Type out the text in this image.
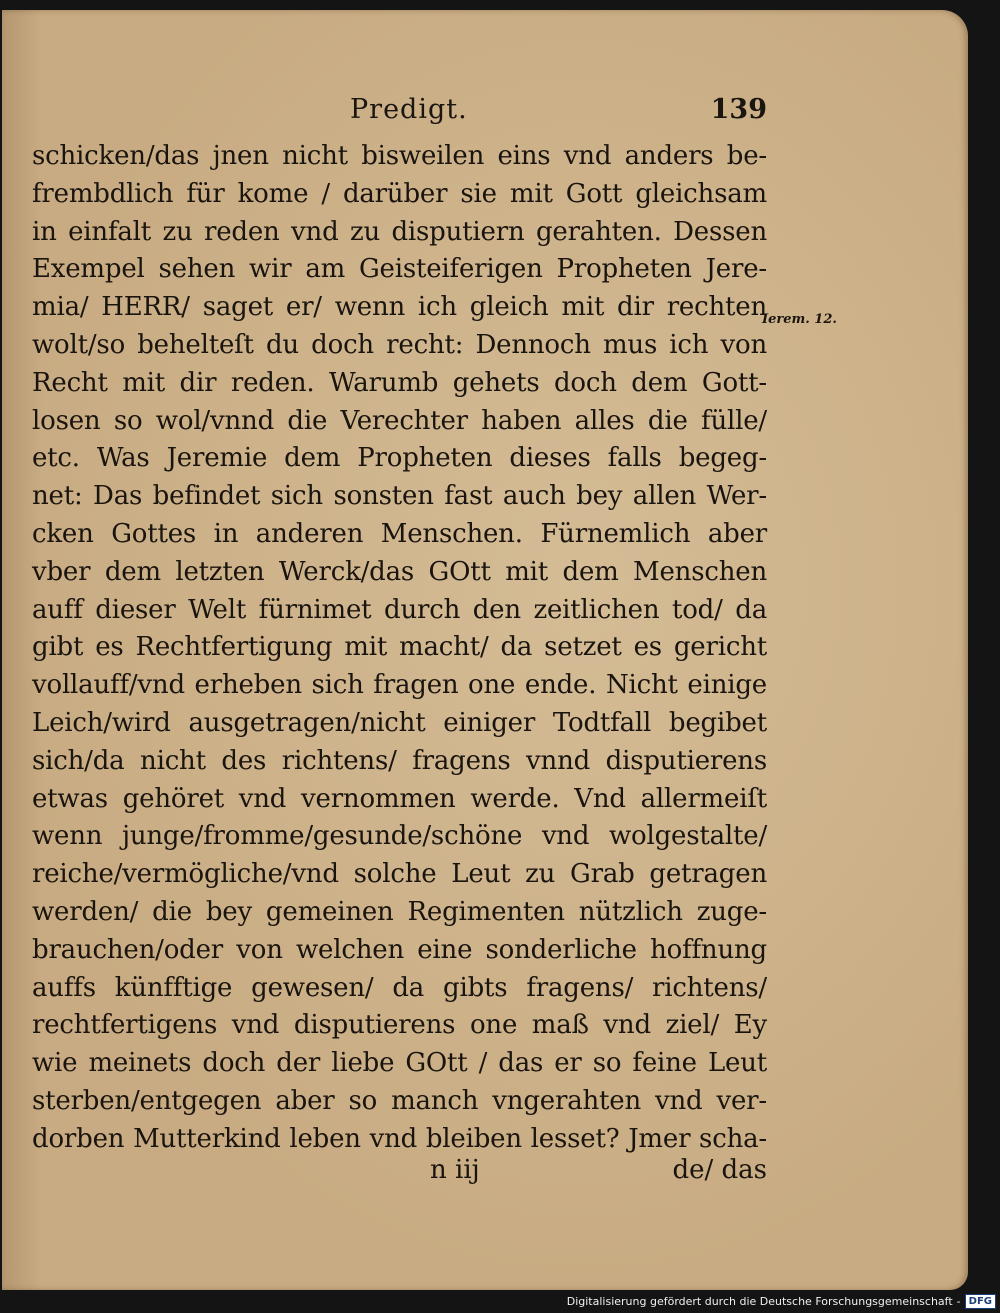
Predigt.	139
schicken/das jnen nicht bisweilen eins vnd anders be-
frembdlich für kome / darüber sie mit Gott gleichsam
in einfalt zu reden vnd zu disputiern gerahten. Dessen
Exempel sehen wir am Geisteiferigen Propheten Jere-
mia/ HERR/ saget er/ wenn ich gleich mit dir rechten
wolt/so behelteſt du doch recht: Dennoch mus ich von
Recht mit dir reden. Warumb gehets doch dem Gott-
losen so wol/vnnd die Verechter haben alles die fülle/
etc. Was Jeremie dem Propheten dieses falls begeg-
net: Das befindet sich sonsten fast auch bey allen Wer-
cken Gottes in anderen Menschen. Fürnemlich aber
vber dem letzten Werck/das GOtt mit dem Menschen
auff dieser Welt fürnimet durch den zeitlichen tod/ da
gibt es Rechtfertigung mit macht/ da setzet es gericht
vollauff/vnd erheben sich fragen one ende. Nicht einige
Leich/wird ausgetragen/nicht einiger Todtfall begibet
sich/da nicht des richtens/ fragens vnnd disputierens
etwas gehöret vnd vernommen werde. Vnd allermeiſt
wenn junge/fromme/gesunde/schöne vnd wolgestalte/
reiche/vermögliche/vnd solche Leut zu Grab getragen
werden/ die bey gemeinen Regimenten nützlich zuge-
brauchen/oder von welchen eine sonderliche hoffnung
auffs künfftige gewesen/ da gibts fragens/ richtens/
rechtfertigens vnd disputierens one maß vnd ziel/ Ey
wie meinets doch der liebe GOtt / das er so feine Leut
sterben/entgegen aber so manch vngerahten vnd ver-
dorben Mutterkind leben vnd bleiben lesset? Jmer scha-
Ierem. 12.
n iij	de/ das
Digitalisierung gefördert durch die Deutsche Forschungsgemeinschaft - DFG
